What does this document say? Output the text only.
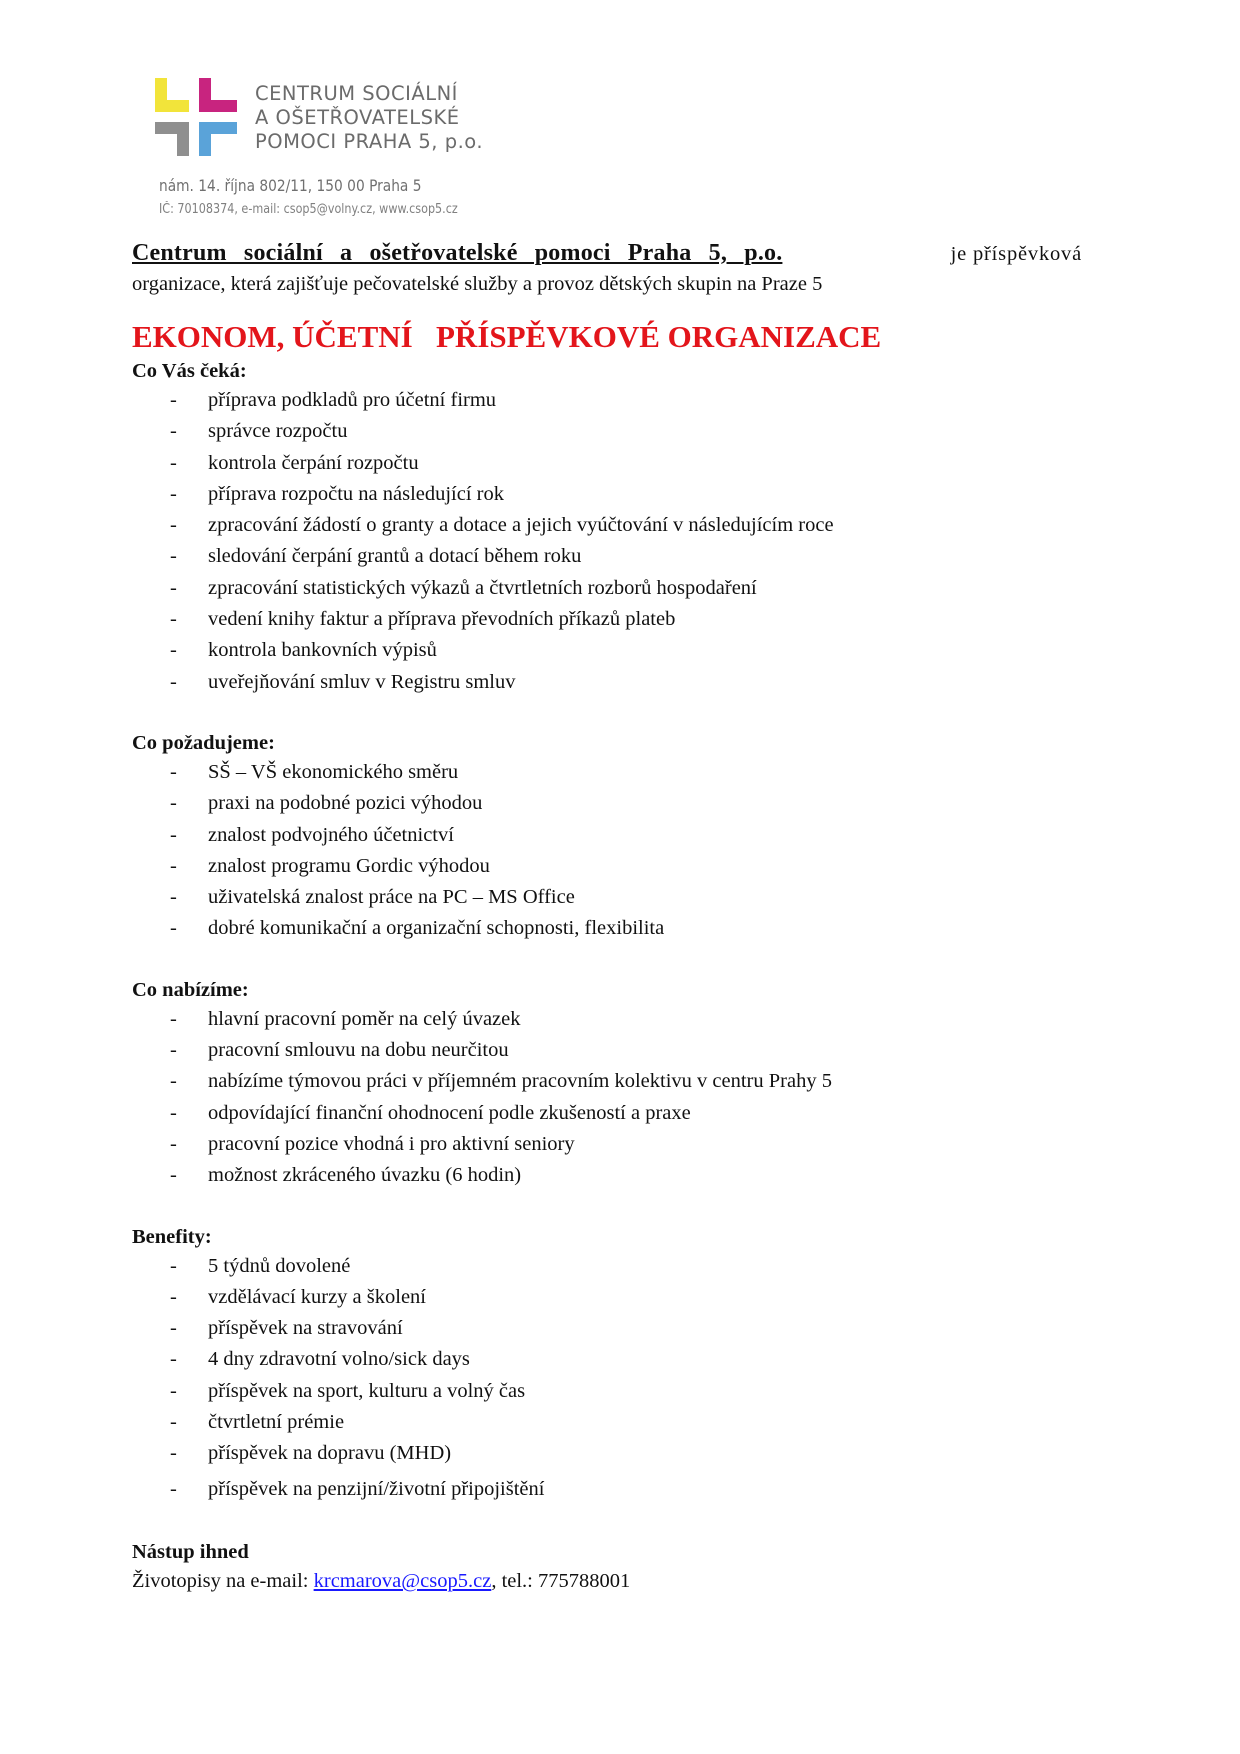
CENTRUM SOCIÁLNÍ
A OŠETŘOVATELSKÉ
POMOCI PRAHA 5, p.o.
nám. 14. října 802/11, 150 00 Praha 5
IČ: 70108374, e-mail: csop5@volny.cz, www.csop5.cz
Centrum sociální a ošetřovatelské pomoci Praha 5, p.o.	je příspěvková
organizace, která zajišťuje pečovatelské služby a provoz dětských skupin na Praze 5
EKONOM, ÚČETNÍ   PŘÍSPĚVKOVÉ ORGANIZACE
Co Vás čeká:
- příprava podkladů pro účetní firmu
- správce rozpočtu
- kontrola čerpání rozpočtu
- příprava rozpočtu na následující rok
- zpracování žádostí o granty a dotace a jejich vyúčtování v následujícím roce
- sledování čerpání grantů a dotací během roku
- zpracování statistických výkazů a čtvrtletních rozborů hospodaření
- vedení knihy faktur a příprava převodních příkazů plateb
- kontrola bankovních výpisů
- uveřejňování smluv v Registru smluv
Co požadujeme:
- SŠ – VŠ ekonomického směru
- praxi na podobné pozici výhodou
- znalost podvojného účetnictví
- znalost programu Gordic výhodou
- uživatelská znalost práce na PC – MS Office
- dobré komunikační a organizační schopnosti, flexibilita
Co nabízíme:
- hlavní pracovní poměr na celý úvazek
- pracovní smlouvu na dobu neurčitou
- nabízíme týmovou práci v příjemném pracovním kolektivu v centru Prahy 5
- odpovídající finanční ohodnocení podle zkušeností a praxe
- pracovní pozice vhodná i pro aktivní seniory
- možnost zkráceného úvazku (6 hodin)
Benefity:
- 5 týdnů dovolené
- vzdělávací kurzy a školení
- příspěvek na stravování
- 4 dny zdravotní volno/sick days
- příspěvek na sport, kulturu a volný čas
- čtvrtletní prémie
- příspěvek na dopravu (MHD)
- příspěvek na penzijní/životní připojištění
Nástup ihned
Životopisy na e-mail: krcmarova@csop5.cz, tel.: 775788001
